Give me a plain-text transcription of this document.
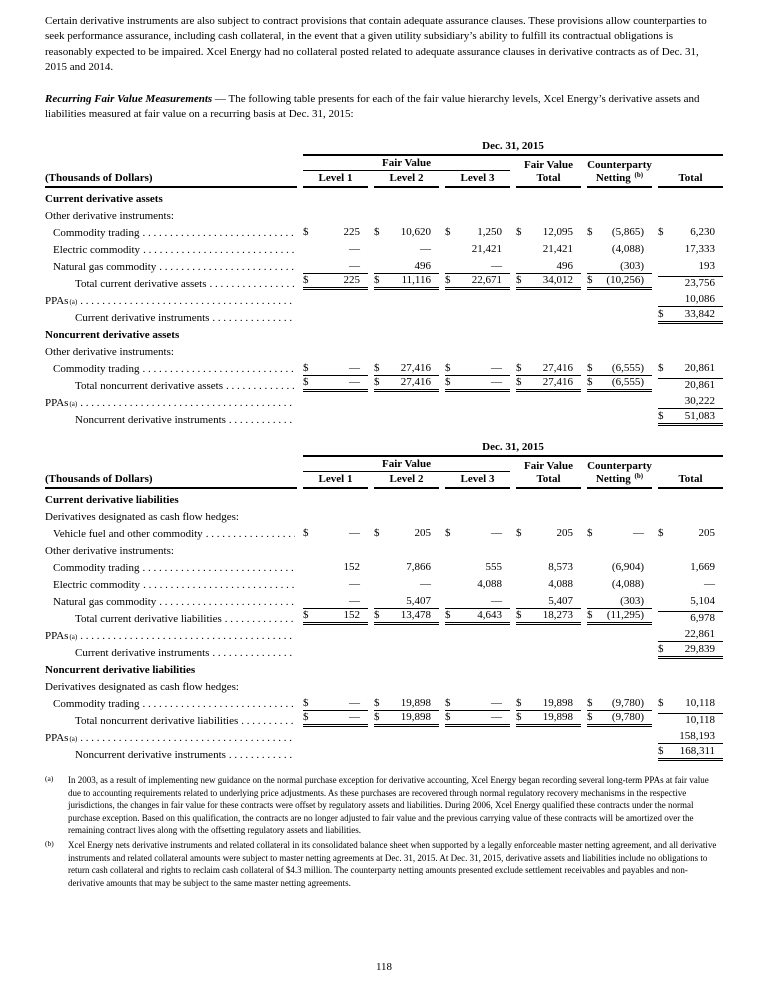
Certain derivative instruments are also subject to contract provisions that contain adequate assurance clauses. These provisions allow counterparties to seek performance assurance, including cash collateral, in the event that a given utility subsidiary’s ability to fulfill its contractual obligations is reasonably expected to be impaired. Xcel Energy had no collateral posted related to adequate assurance clauses in derivative contracts as of Dec. 31, 2015 and 2014.

Recurring Fair Value Measurements — The following table presents for each of the fair value hierarchy levels, Xcel Energy’s derivative assets and liabilities measured at fair value on a recurring basis at Dec. 31, 2015:

	Dec. 31, 2015					

	Fair Value			Fair Value	Counterparty	

(Thousands of Dollars)	Level 1	Level 2	Level 3	Total	Netting $^{(b)}$	Total

Current derivative assets						

Other derivative instruments:						

Commodity trading
. . .	$ 225	$ 10,620	$ 1,250	$ 12,095	$ (5,865)	$ 6,230

Electric commodity
. . .	—	—	21,421	21,421	(4,088)	17,333

Natural gas commodity
. . .	—	496	—	496	(303)	193

Total current derivative assets
. . .	$ 225	$ 11,116	$ 22,671	$ 34,012	$ (10,256)	23,756

PPAs (a)
. . .						10,086

Current derivative instruments
. . .						$ 33,842

Noncurrent derivative assets						

Other derivative instruments:						

Commodity trading
. . .	$ —	$ 27,416	$ —	$ 27,416	$ (6,555)	$ 20,861

Total noncurrent derivative assets
. . .	$ —	$ 27,416	$ —	$ 27,416	$ (6,555)	20,861

PPAs (a)
. . .						30,222

Noncurrent derivative instruments
. . .						$ 51,083

	Dec. 31, 2015					

	Fair Value			Fair Value	Counterparty	

(Thousands of Dollars)	Level 1	Level 2	Level 3	Total	Netting $^{(b)}$	Total

Current derivative liabilities						

Derivatives designated as cash flow hedges:						

Vehicle fuel and other commodity
. . .	$ —	$ 205	$ —	$ 205	$ —	$ 205

Other derivative instruments:						

Commodity trading
. . .	152	7,866	555	8,573	(6,904)	1,669

Electric commodity
. . .	—	—	4,088	4,088	(4,088)	—

Natural gas commodity
. . .	—	5,407	—	5,407	(303)	5,104

Total current derivative liabilities
. . .	$ 152	$ 13,478	$ 4,643	$ 18,273	$ (11,295)	6,978

PPAs (a)
. . .						22,861

Current derivative instruments
. . .						$ 29,839

Noncurrent derivative liabilities						

Derivatives designated as cash flow hedges:						

Commodity trading
. . .	$ —	$ 19,898	$ —	$ 19,898	$ (9,780)	$ 10,118

Total noncurrent derivative liabilities
. . .	$ —	$ 19,898	$ —	$ 19,898	$ (9,780)	10,118

PPAs (a)
. . .						158,193

Noncurrent derivative instruments
. . .						$ 168,311
(a)	In 2003, as a result of implementing new guidance on the normal purchase exception for derivative accounting, Xcel Energy began recording several long-term PPAs at fair value due to accounting requirements related to underlying price adjustments. As these purchases are recovered through normal regulatory recovery mechanisms in the respective jurisdictions, the changes in fair value for these contracts were offset by regulatory assets and liabilities. During 2006, Xcel Energy qualified these contracts under the normal purchase exception. Based on this qualification, the contracts are no longer adjusted to fair value and the previous carrying value of these contracts will be amortized over the remaining contract lives along with the offsetting regulatory assets and liabilities.
(b)	Xcel Energy nets derivative instruments and related collateral in its consolidated balance sheet when supported by a legally enforceable master netting agreement, and all derivative instruments and related collateral amounts were subject to master netting agreements at Dec. 31, 2015. At Dec. 31, 2015, derivative assets and liabilities include no obligations to return cash collateral and rights to reclaim cash collateral of $4.3 million. The counterparty netting amounts presented exclude settlement receivables and payables and non-derivative amounts that may be subject to the same master netting agreements.
118
